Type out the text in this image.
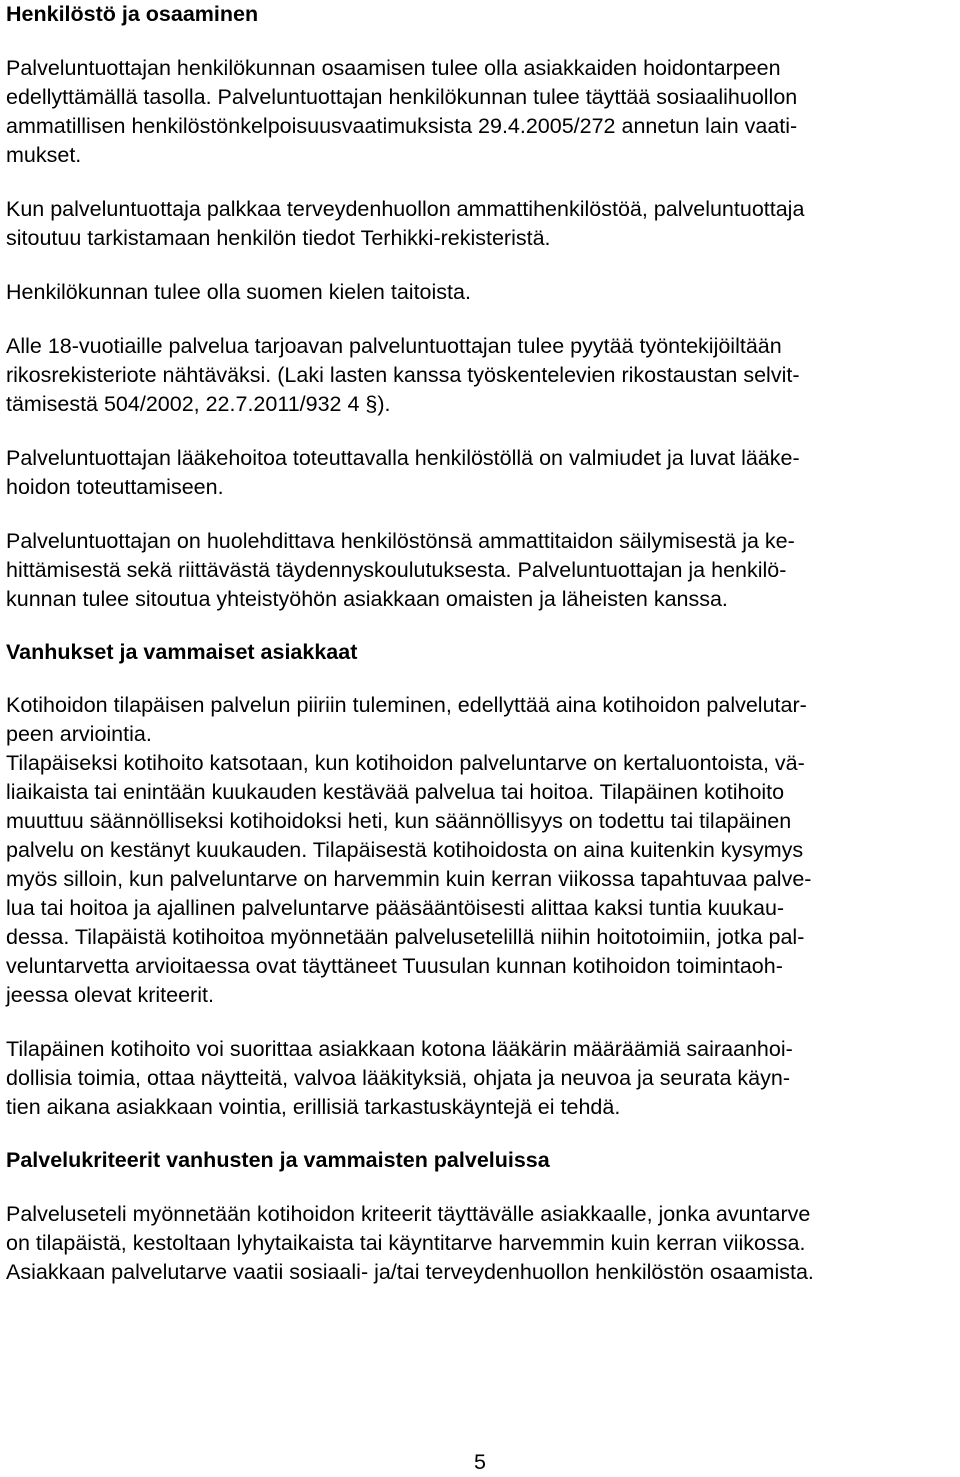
Henkilöstö ja osaaminen
Palveluntuottajan henkilökunnan osaamisen tulee olla asiakkaiden hoidontarpeen
edellyttämällä tasolla. Palveluntuottajan henkilökunnan tulee täyttää sosiaalihuollon
ammatillisen henkilöstönkelpoisuusvaatimuksista 29.4.2005/272 annetun lain vaati-
mukset.
Kun palveluntuottaja palkkaa terveydenhuollon ammattihenkilöstöä, palveluntuottaja
sitoutuu tarkistamaan henkilön tiedot Terhikki-rekisteristä.
Henkilökunnan tulee olla suomen kielen taitoista.
Alle 18-vuotiaille palvelua tarjoavan palveluntuottajan tulee pyytää työntekijöiltään
rikosrekisteriote nähtäväksi. (Laki lasten kanssa työskentelevien rikostaustan selvit-
tämisestä 504/2002, 22.7.2011/932 4 §).
Palveluntuottajan lääkehoitoa toteuttavalla henkilöstöllä on valmiudet ja luvat lääke-
hoidon toteuttamiseen.
Palveluntuottajan on huolehdittava henkilöstönsä ammattitaidon säilymisestä ja ke-
hittämisestä sekä riittävästä täydennyskoulutuksesta. Palveluntuottajan ja henkilö-
kunnan tulee sitoutua yhteistyöhön asiakkaan omaisten ja läheisten kanssa.
Vanhukset ja vammaiset asiakkaat
Kotihoidon tilapäisen palvelun piiriin tuleminen, edellyttää aina kotihoidon palvelutar-
peen arviointia.
Tilapäiseksi kotihoito katsotaan, kun kotihoidon palveluntarve on kertaluontoista, vä-
liaikaista tai enintään kuukauden kestävää palvelua tai hoitoa. Tilapäinen kotihoito
muuttuu säännölliseksi kotihoidoksi heti, kun säännöllisyys on todettu tai tilapäinen
palvelu on kestänyt kuukauden. Tilapäisestä kotihoidosta on aina kuitenkin kysymys
myös silloin, kun palveluntarve on harvemmin kuin kerran viikossa tapahtuvaa palve-
lua tai hoitoa ja ajallinen palveluntarve pääsääntöisesti alittaa kaksi tuntia kuukau-
dessa. Tilapäistä kotihoitoa myönnetään palvelusetelillä niihin hoitotoimiin, jotka pal-
veluntarvetta arvioitaessa ovat täyttäneet Tuusulan kunnan kotihoidon toimintaoh-
jeessa olevat kriteerit.
Tilapäinen kotihoito voi suorittaa asiakkaan kotona lääkärin määräämiä sairaanhoi-
dollisia toimia, ottaa näytteitä, valvoa lääkityksiä, ohjata ja neuvoa ja seurata käyn-
tien aikana asiakkaan vointia, erillisiä tarkastuskäyntejä ei tehdä.
Palvelukriteerit vanhusten ja vammaisten palveluissa
Palveluseteli myönnetään kotihoidon kriteerit täyttävälle asiakkaalle, jonka avuntarve
on tilapäistä, kestoltaan lyhytaikaista tai käyntitarve harvemmin kuin kerran viikossa.
Asiakkaan palvelutarve vaatii sosiaali- ja/tai terveydenhuollon henkilöstön osaamista.
5
